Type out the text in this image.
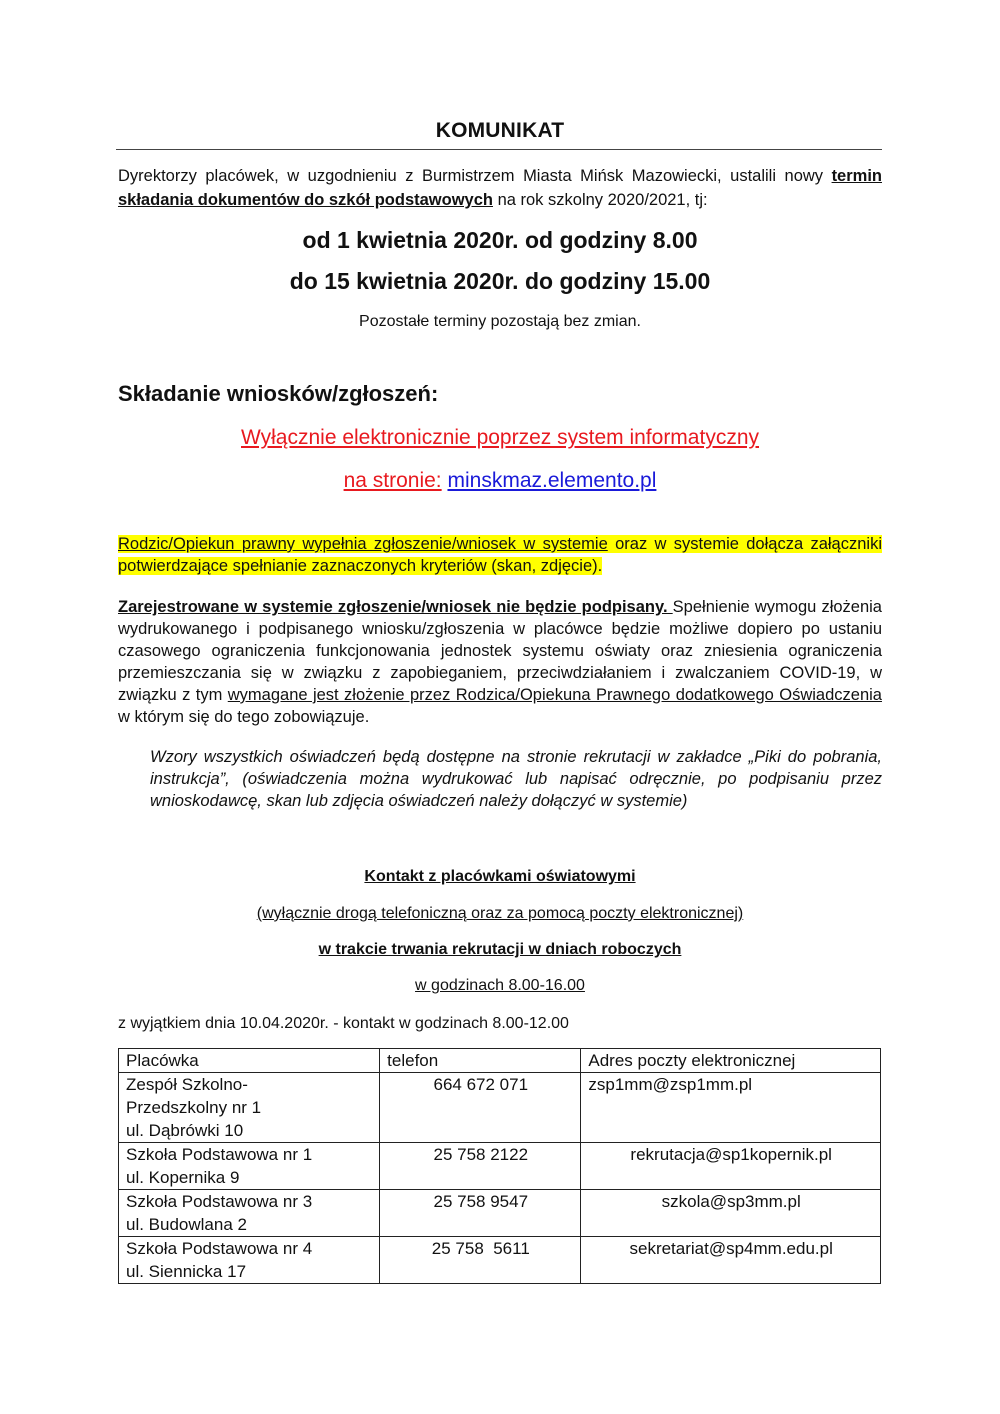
KOMUNIKAT
Dyrektorzy placówek, w uzgodnieniu z Burmistrzem Miasta Mińsk Mazowiecki, ustalili nowy termin składania dokumentów do szkół podstawowych na rok szkolny 2020/2021, tj:
od 1 kwietnia 2020r. od godziny 8.00
do 15 kwietnia 2020r. do godziny 15.00
Pozostałe terminy pozostają bez zmian.
Składanie wniosków/zgłoszeń:
Wyłącznie elektronicznie poprzez system informatyczny
na stronie: minskmaz.elemento.pl
Rodzic/Opiekun prawny wypełnia zgłoszenie/wniosek w systemie oraz w systemie dołącza załączniki potwierdzające spełnianie zaznaczonych kryteriów (skan, zdjęcie).
Zarejestrowane w systemie zgłoszenie/wniosek nie będzie podpisany. Spełnienie wymogu złożenia wydrukowanego i podpisanego wniosku/zgłoszenia w placówce będzie możliwe dopiero po ustaniu czasowego ograniczenia funkcjonowania jednostek systemu oświaty oraz zniesienia ograniczenia przemieszczania się w związku z zapobieganiem, przeciwdziałaniem i zwalczaniem COVID-19, w związku z tym wymagane jest złożenie przez Rodzica/Opiekuna Prawnego dodatkowego Oświadczenia w którym się do tego zobowiązuje.
Wzory wszystkich oświadczeń będą dostępne na stronie rekrutacji w zakładce „Piki do pobrania, instrukcja”, (oświadczenia można wydrukować lub napisać odręcznie, po podpisaniu przez wnioskodawcę, skan lub zdjęcia oświadczeń należy dołączyć w systemie)
Kontakt z placówkami oświatowymi
(wyłącznie drogą telefoniczną oraz za pomocą poczty elektronicznej)
w trakcie trwania rekrutacji w dniach roboczych
w godzinach 8.00-16.00
z wyjątkiem dnia 10.04.2020r. - kontakt w godzinach 8.00-12.00
Placówka	telefon	Adres poczty elektronicznej

Zespół Szkolno-
Przedszkolny nr 1
ul. Dąbrówki 10	664 672 071	zsp1mm@zsp1mm.pl

Szkoła Podstawowa nr 1
ul. Kopernika 9	25 758 2122	rekrutacja@sp1kopernik.pl

Szkoła Podstawowa nr 3
ul. Budowlana 2	25 758 9547	szkola@sp3mm.pl

Szkoła Podstawowa nr 4
ul. Siennicka 17	25 758  5611	sekretariat@sp4mm.edu.pl
